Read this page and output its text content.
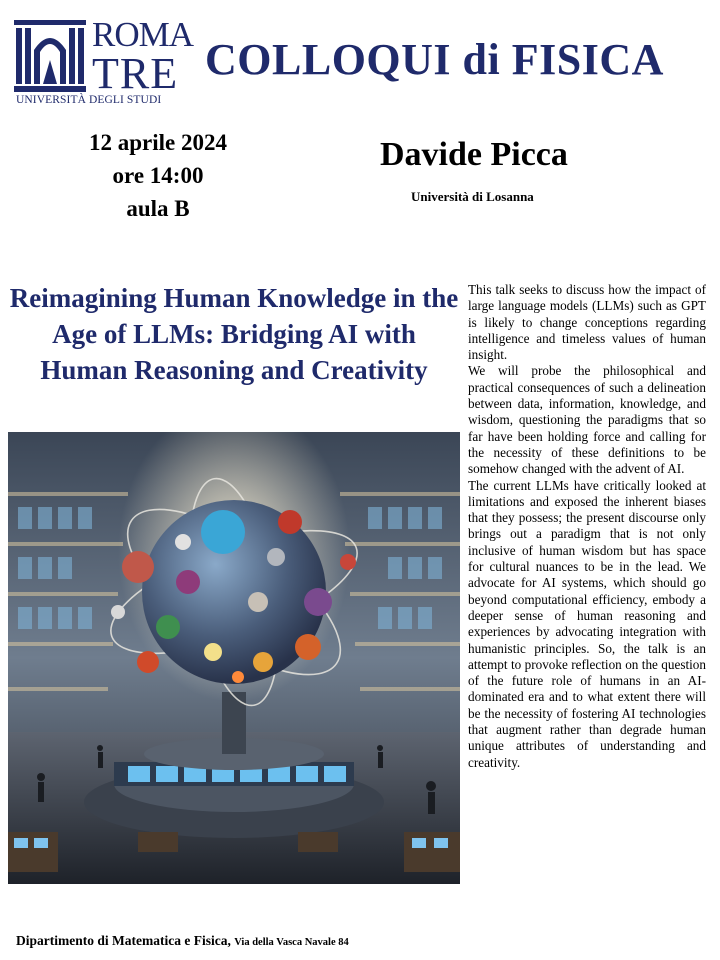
ROMA
TRE
UNIVERSITÀ DEGLI STUDI
COLLOQUI di FISICA
12 aprile 2024
ore 14:00
aula B
Davide Picca
Università di Losanna
Reimagining Human Knowledge in the Age of LLMs: Bridging AI with Human Reasoning and Creativity

This talk seeks to discuss how the impact of large language models (LLMs) such as GPT is likely to change conceptions regarding intelligence and timeless values of human insight.

We will probe the philosophical and practical consequences of such a delineation between data, information, knowledge, and wisdom, questioning the paradigms that so far have been holding force and calling for the necessity of these definitions to be somehow changed with the advent of AI.

The current LLMs have critically looked at limitations and exposed the inherent biases that they possess; the present discourse only brings out a paradigm that is not only inclusive of human wisdom but has space for cultural nuances to be in the lead. We advocate for AI systems, which should go beyond computational efficiency, embody a deeper sense of human reasoning and experiences by advocating integration with humanistic principles. So, the talk is an attempt to provoke reflection on the question of the future role of humans in an AI-dominated era and to what extent there will be the necessity of fostering AI technologies that augment rather than degrade human unique attributes of understanding and creativity.

Dipartimento di Matematica e Fisica, Via della Vasca Navale 84
